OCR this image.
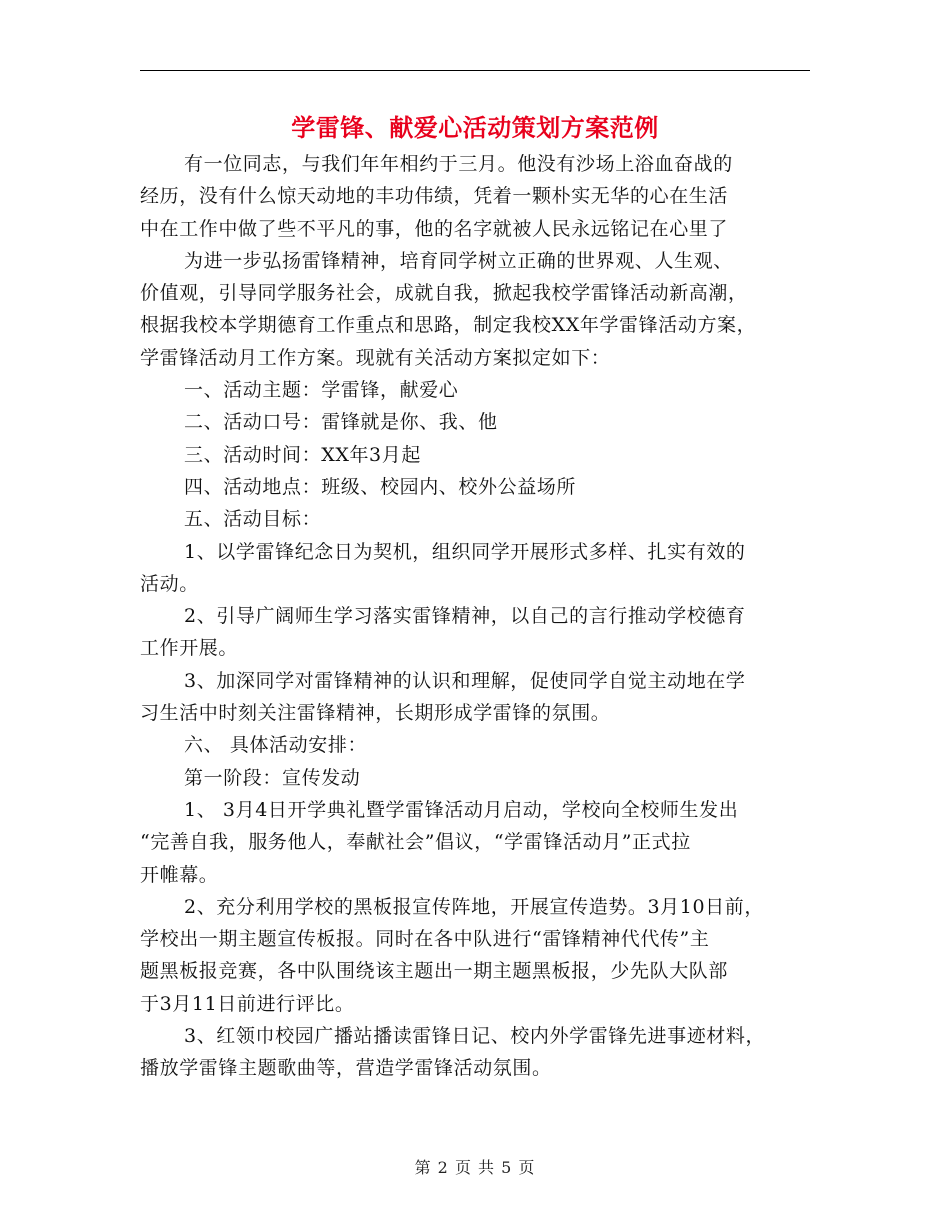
学雷锋、献爱心活动策划方案范例
有一位同志，与我们年年相约于三月。他没有沙场上浴血奋战的
经历，没有什么惊天动地的丰功伟绩，凭着一颗朴实无华的心在生活
中在工作中做了些不平凡的事，他的名字就被人民永远铭记在心里了
为进一步弘扬雷锋精神，培育同学树立正确的世界观、人生观、
价值观，引导同学服务社会，成就自我，掀起我校学雷锋活动新高潮，
根据我校本学期德育工作重点和思路，制定我校XX年学雷锋活动方案，
学雷锋活动月工作方案。现就有关活动方案拟定如下：
一、活动主题：学雷锋，献爱心
二、活动口号：雷锋就是你、我、他
三、活动时间：XX年3月起
四、活动地点：班级、校园内、校外公益场所
五、活动目标：
1、以学雷锋纪念日为契机，组织同学开展形式多样、扎实有效的
活动。
2、引导广阔师生学习落实雷锋精神，以自己的言行推动学校德育
工作开展。
3、加深同学对雷锋精神的认识和理解，促使同学自觉主动地在学
习生活中时刻关注雷锋精神，长期形成学雷锋的氛围。
六、 具体活动安排：
第一阶段：宣传发动
1、 3月4日开学典礼暨学雷锋活动月启动，学校向全校师生发出
“完善自我，服务他人，奉献社会”倡议，“学雷锋活动月”正式拉
开帷幕。
2、充分利用学校的黑板报宣传阵地，开展宣传造势。3月10日前，
学校出一期主题宣传板报。同时在各中队进行“雷锋精神代代传”主
题黑板报竞赛，各中队围绕该主题出一期主题黑板报，少先队大队部
于3月11日前进行评比。
3、红领巾校园广播站播读雷锋日记、校内外学雷锋先进事迹材料，
播放学雷锋主题歌曲等，营造学雷锋活动氛围。
第 2 页 共 5 页
